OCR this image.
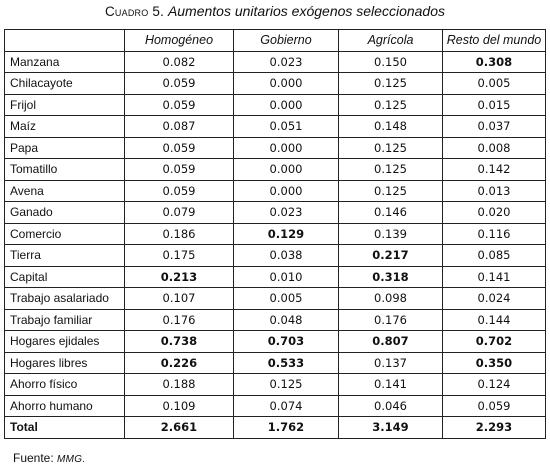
Cuadro 5. Aumentos unitarios exógenos seleccionados
	Homogéneo	Gobierno	Agrícola	Resto del mundo
Manzana	0.082	0.023	0.150	0.308
Chilacayote	0.059	0.000	0.125	0.005
Frijol	0.059	0.000	0.125	0.015
Maíz	0.087	0.051	0.148	0.037
Papa	0.059	0.000	0.125	0.008
Tomatillo	0.059	0.000	0.125	0.142
Avena	0.059	0.000	0.125	0.013
Ganado	0.079	0.023	0.146	0.020
Comercio	0.186	0.129	0.139	0.116
Tierra	0.175	0.038	0.217	0.085
Capital	0.213	0.010	0.318	0.141
Trabajo asalariado	0.107	0.005	0.098	0.024
Trabajo familiar	0.176	0.048	0.176	0.144
Hogares ejidales	0.738	0.703	0.807	0.702
Hogares libres	0.226	0.533	0.137	0.350
Ahorro físico	0.188	0.125	0.141	0.124
Ahorro humano	0.109	0.074	0.046	0.059
Total	2.661	1.762	3.149	2.293
Fuente: MMG.
